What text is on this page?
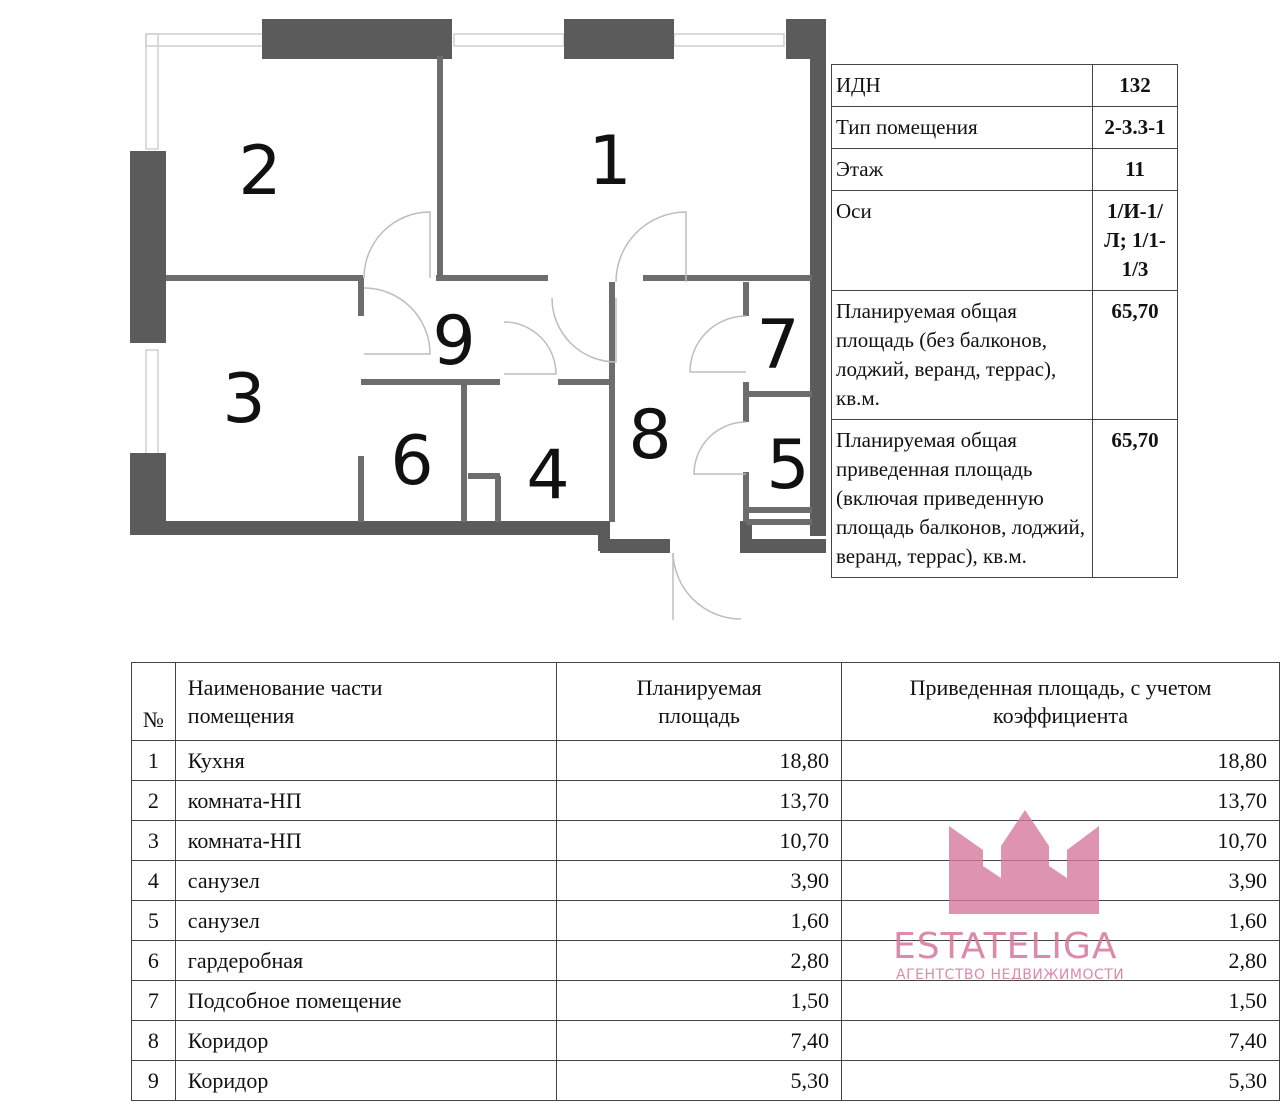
1
2
3
4	5
6
7
8
9
ИДН	132
Тип помещения	2-3.3-1
Этаж	11
Оси	1/И-1/Л; 1/1-1/3
Планируемая общая площадь (без балконов, лоджий, веранд, террас), кв.м.	65,70
Планируемая общая приведенная площадь (включая приведенную площадь балконов, лоджий, веранд, террас), кв.м.	65,70
№	Наименование части помещения	Планируемая площадь	Приведенная площадь, с учетом коэффициента
1	Кухня	18,80	18,80
2	комната-НП	13,70	13,70
3	комната-НП	10,70	10,70
4	санузел	3,90	3,90
5	санузел	1,60	1,60
6	гардеробная	2,80	2,80
7	Подсобное помещение	1,50	1,50
8	Коридор	7,40	7,40
9	Коридор	5,30	5,30
ESTATELIGA
АГЕНТСТВО НЕДВИЖИМОСТИ
